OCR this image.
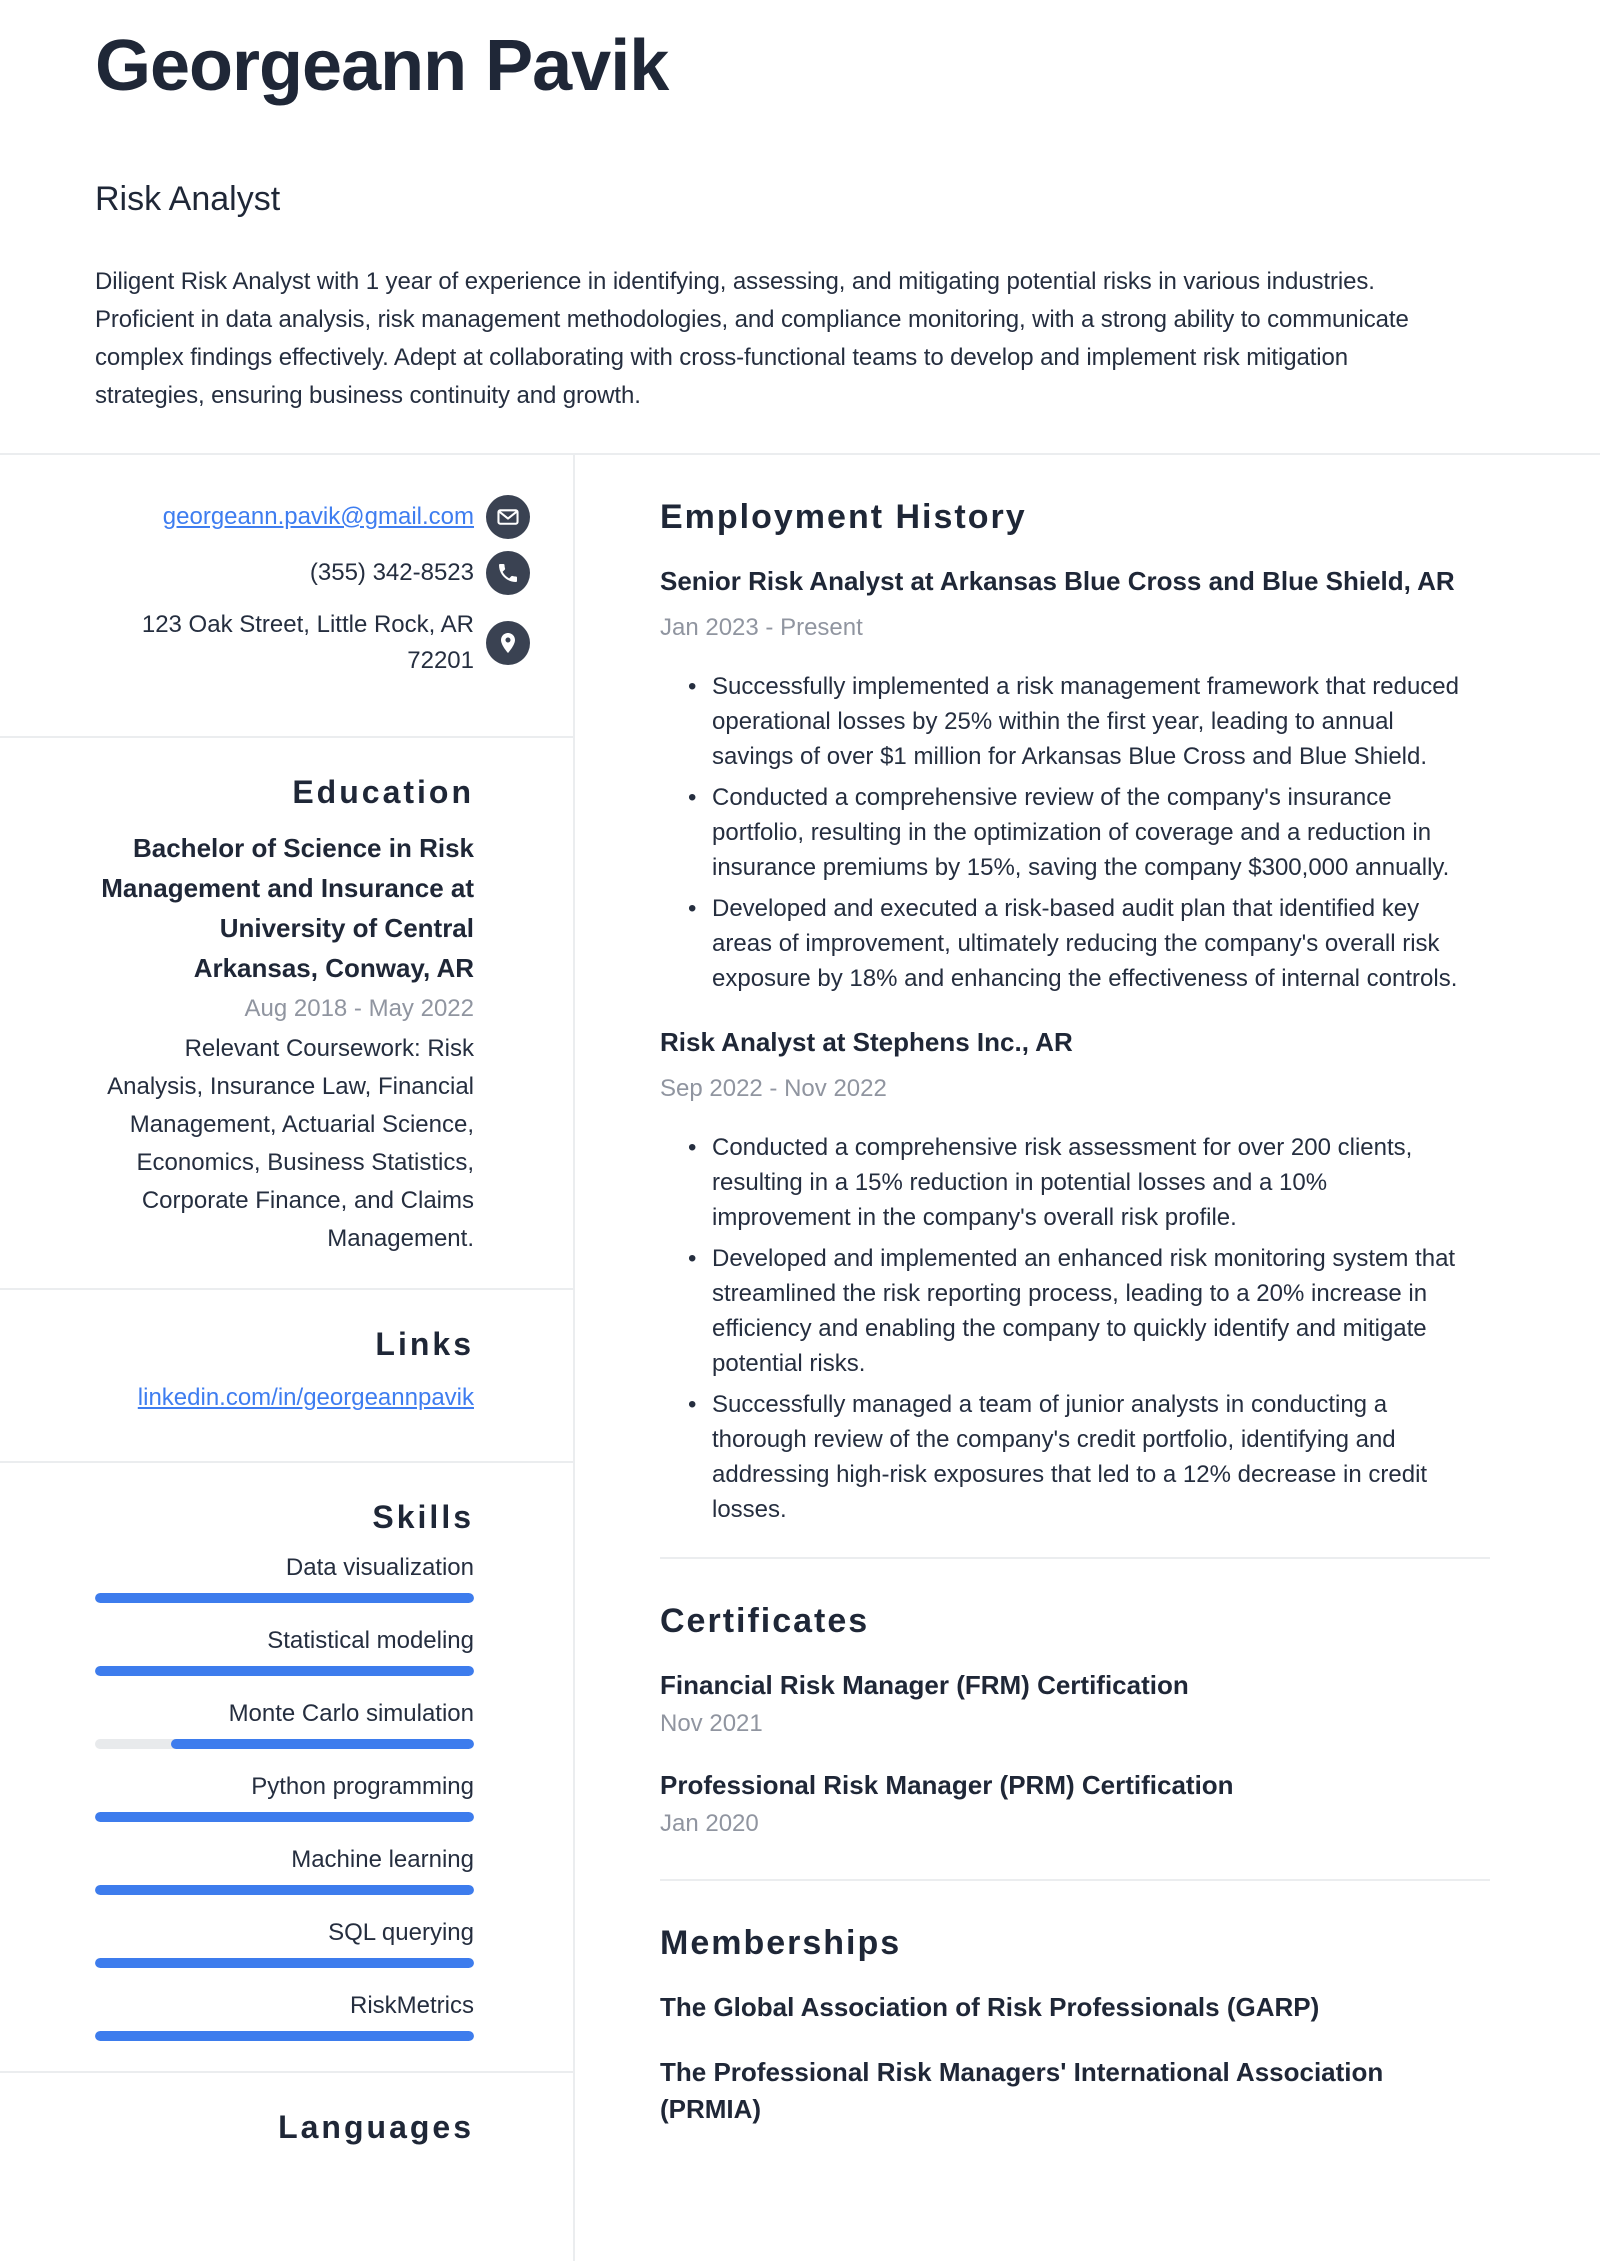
Georgeann Pavik
Risk Analyst

Diligent Risk Analyst with 1 year of experience in identifying, assessing, and mitigating potential risks in various industries. Proficient in data analysis, risk management methodologies, and compliance monitoring, with a strong ability to communicate complex findings effectively. Adept at collaborating with cross-functional teams to develop and implement risk mitigation strategies, ensuring business continuity and growth.

georgeann.pavik@gmail.com
(355) 342-8523
123 Oak Street, Little Rock, AR 72201
Education

Bachelor of Science in Risk Management and Insurance at University of Central Arkansas, Conway, AR

Aug 2018 - May 2022

Relevant Coursework: Risk Analysis, Insurance Law, Financial Management, Actuarial Science, Economics, Business Statistics, Corporate Finance, and Claims Management.

Links
linkedin.com/in/georgeannpavik
Skills
Data visualization
Statistical modeling
Monte Carlo simulation
Python programming
Machine learning
SQL querying
RiskMetrics
Languages
Employment History
Senior Risk Analyst at Arkansas Blue Cross and Blue Shield, AR

Jan 2023 - Present

• Successfully implemented a risk management framework that reduced operational losses by 25% within the first year, leading to annual savings of over $1 million for Arkansas Blue Cross and Blue Shield.
• Conducted a comprehensive review of the company's insurance portfolio, resulting in the optimization of coverage and a reduction in insurance premiums by 15%, saving the company $300,000 annually.
• Developed and executed a risk-based audit plan that identified key areas of improvement, ultimately reducing the company's overall risk exposure by 18% and enhancing the effectiveness of internal controls.
Risk Analyst at Stephens Inc., AR

Sep 2022 - Nov 2022

• Conducted a comprehensive risk assessment for over 200 clients, resulting in a 15% reduction in potential losses and a 10% improvement in the company's overall risk profile.
• Developed and implemented an enhanced risk monitoring system that streamlined the risk reporting process, leading to a 20% increase in efficiency and enabling the company to quickly identify and mitigate potential risks.
• Successfully managed a team of junior analysts in conducting a thorough review of the company's credit portfolio, identifying and addressing high-risk exposures that led to a 12% decrease in credit losses.
Certificates
Financial Risk Manager (FRM) Certification

Nov 2021

Professional Risk Manager (PRM) Certification

Jan 2020

Memberships

The Global Association of Risk Professionals (GARP)

The Professional Risk Managers' International Association (PRMIA)
